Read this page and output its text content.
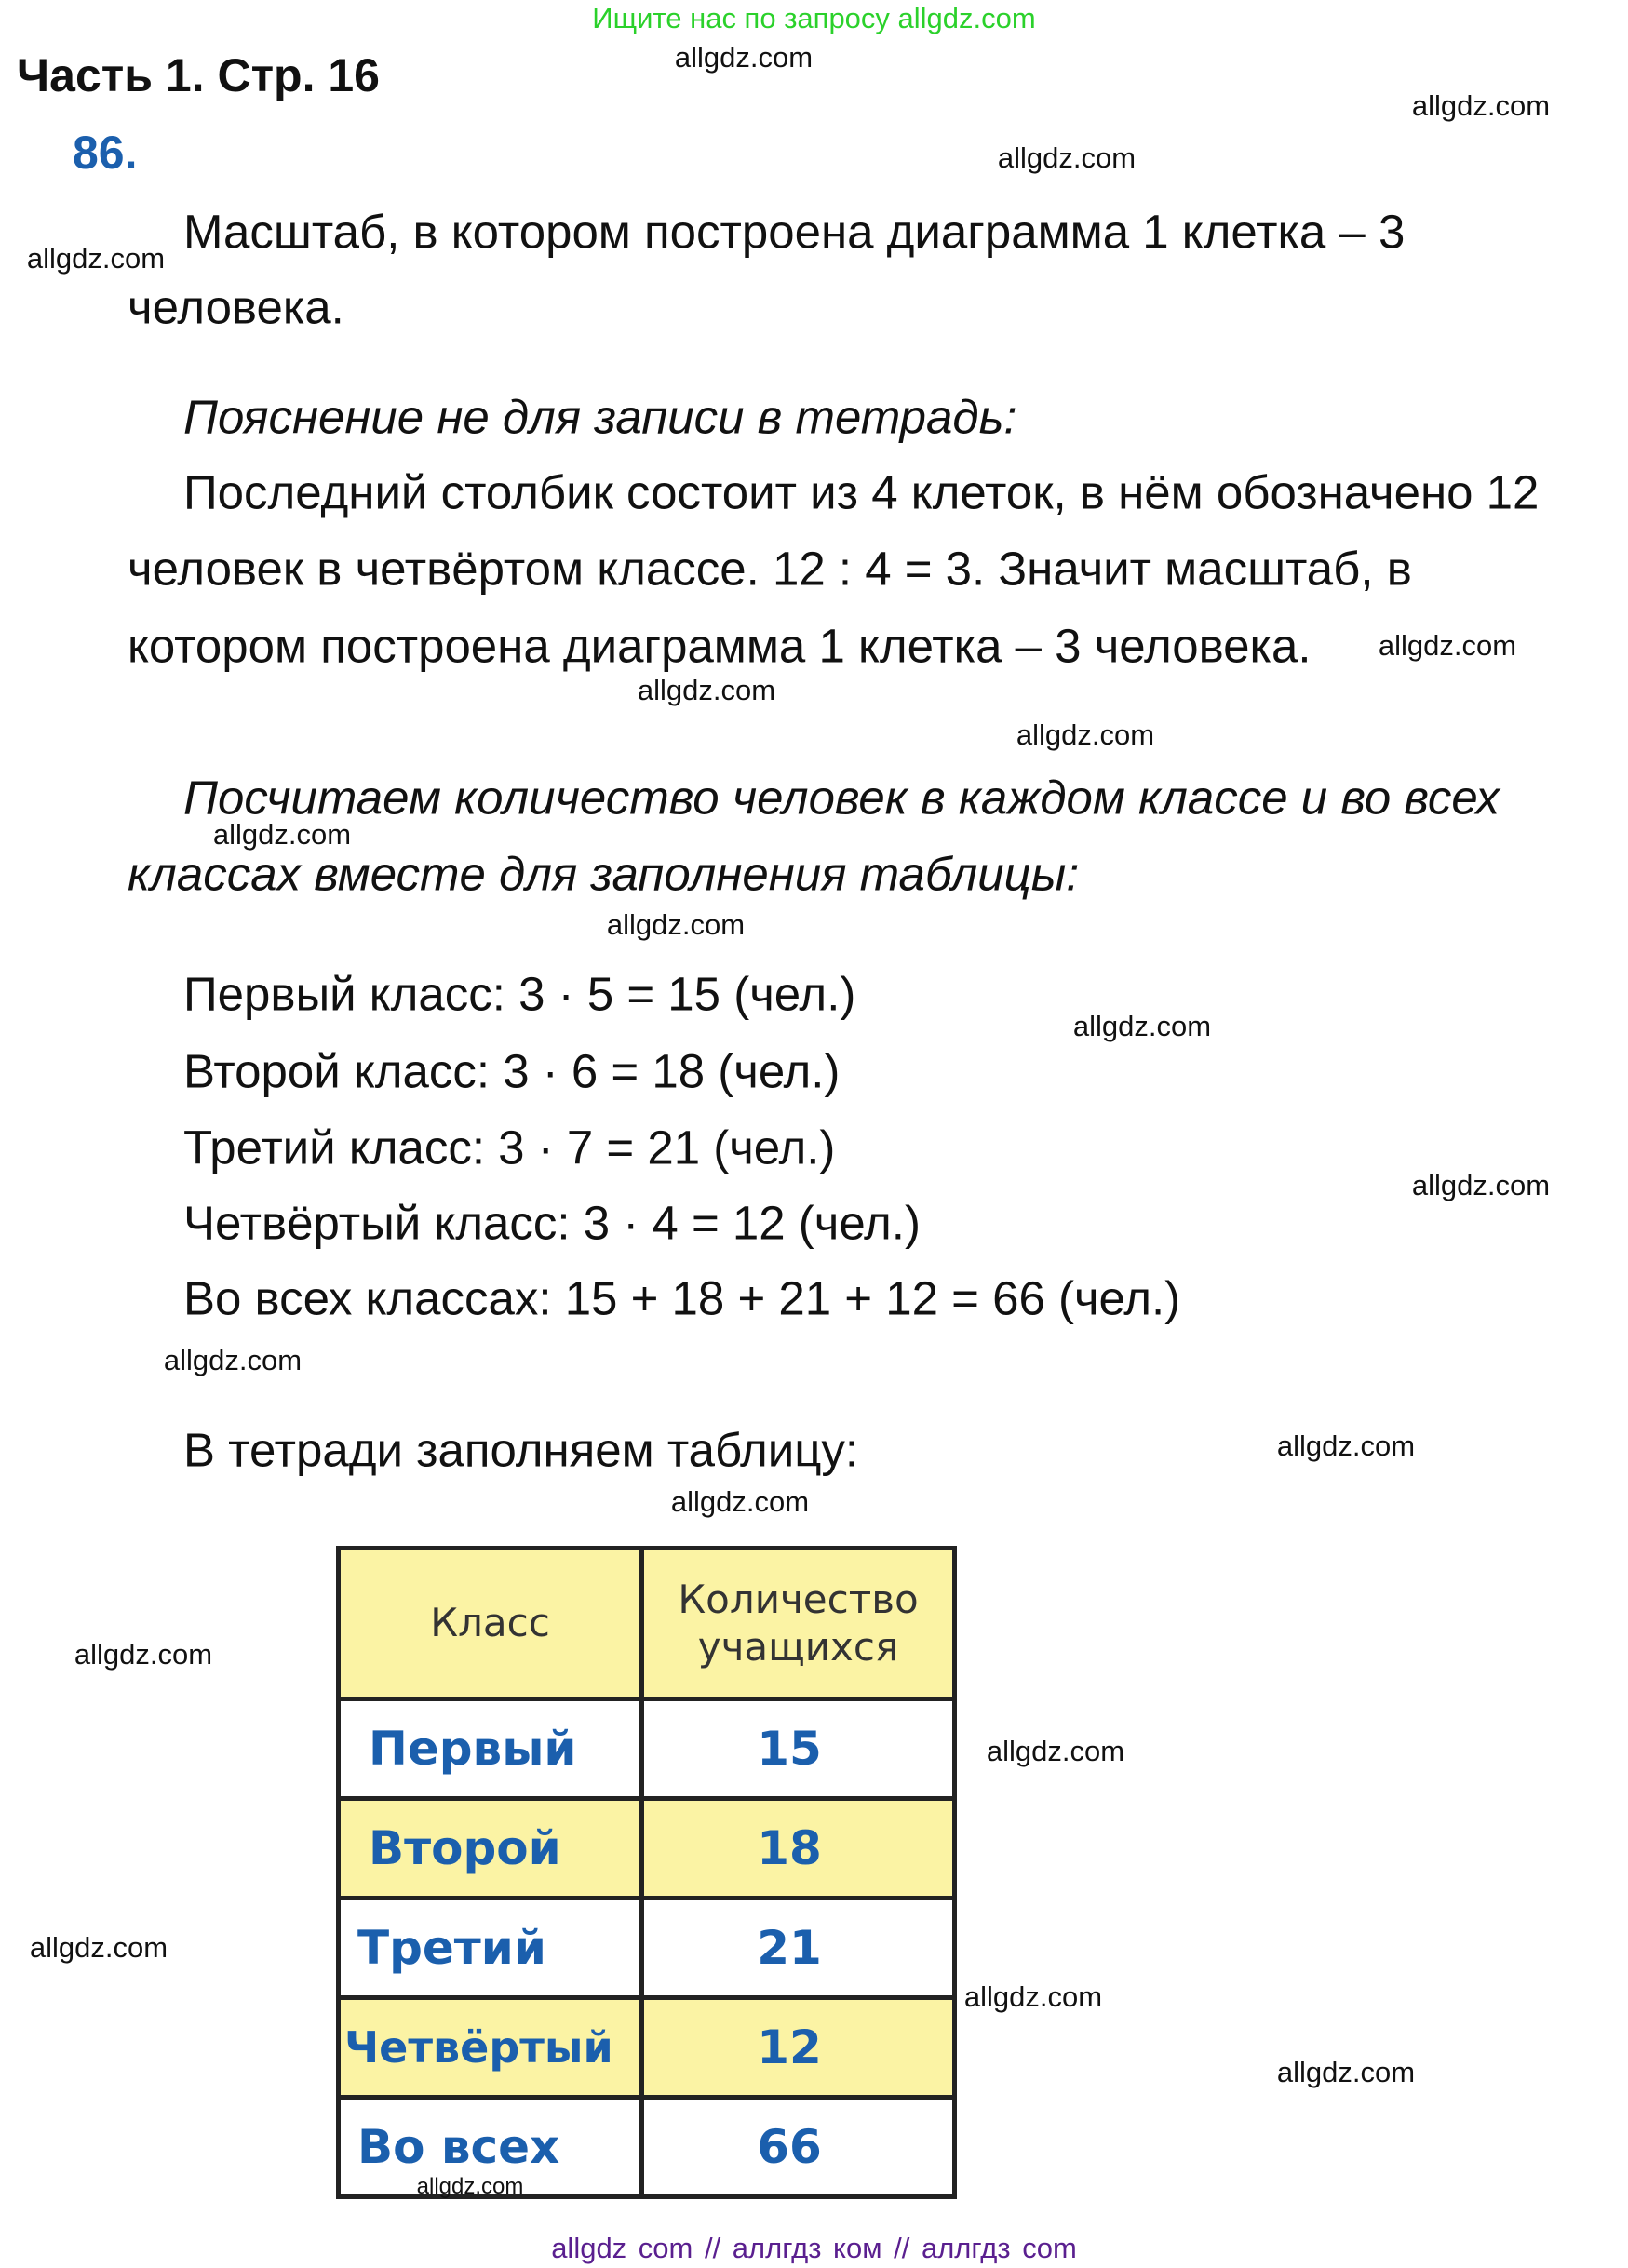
Ищите нас по запросу allgdz.com
Часть 1. Стр. 16
86.
Масштаб, в котором построена диаграмма 1 клетка – 3
человека.
Пояснение не для записи в тетрадь:
Последний столбик состоит из 4 клеток, в нём обозначено 12
человек в четвёртом классе. 12 : 4 = 3. Значит масштаб, в
котором построена диаграмма 1 клетка – 3 человека.
Посчитаем количество человек в каждом классе и во всех
классах вместе для заполнения таблицы:
Первый класс: 3 · 5 = 15 (чел.)
Второй класс: 3 · 6 = 18 (чел.)
Третий класс: 3 · 7 = 21 (чел.)
Четвёртый класс: 3 · 4 = 12 (чел.)
Во всех классах: 15 + 18 + 21 + 12 = 66 (чел.)
В тетради заполняем таблицу:
Класс	Количество учащихся
Первый	15
Второй	18
Третий	21
Четвёртый	12
Во всех	66
allgdz.com
allgdz.com
allgdz.com
allgdz.com
allgdz.com
allgdz.com
allgdz.com
allgdz.com
allgdz.com
allgdz.com
allgdz.com
allgdz.com
allgdz.com
allgdz.com
allgdz.com
allgdz.com
allgdz.com
allgdz.com
allgdz.com
allgdz.com
allgdz com // аллгдз ком // аллгдз com
